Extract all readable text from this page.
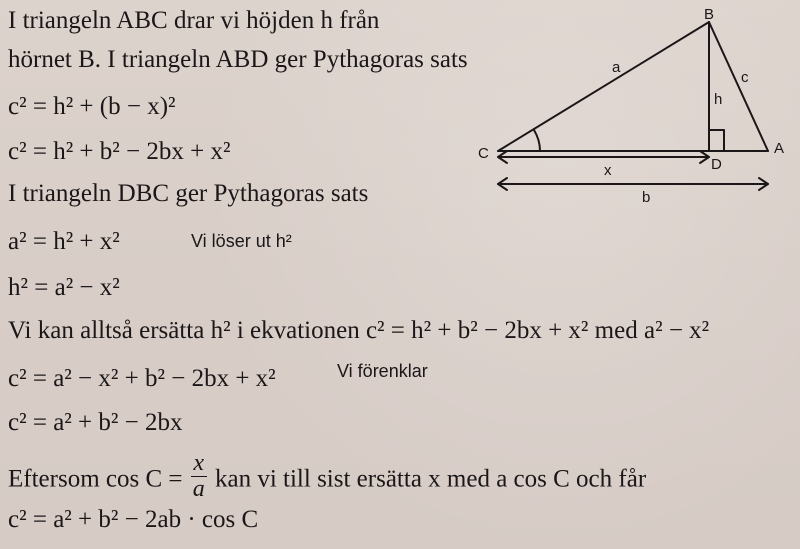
I triangeln ABC drar vi höjden h från
hörnet B. I triangeln ABD ger Pythagoras sats
c² = h² + (b − x)²
c² = h² + b² − 2bx + x²
I triangeln DBC ger Pythagoras sats
a² = h² + x²	Vi löser ut h²
h² = a² − x²
Vi kan alltså ersätta h² i ekvationen c² = h² + b² − 2bx + x² med a² − x²
c² = a² − x² + b² − 2bx + x²	Vi förenklar
c² = a² + b² − 2bx
Eftersom $\cos C = \frac{x}{a}$ kan vi till sist ersätta x med a cos C och får
c² = a² + b² − 2ab · cos C
B
C	A
D
a
c
h
x
b
